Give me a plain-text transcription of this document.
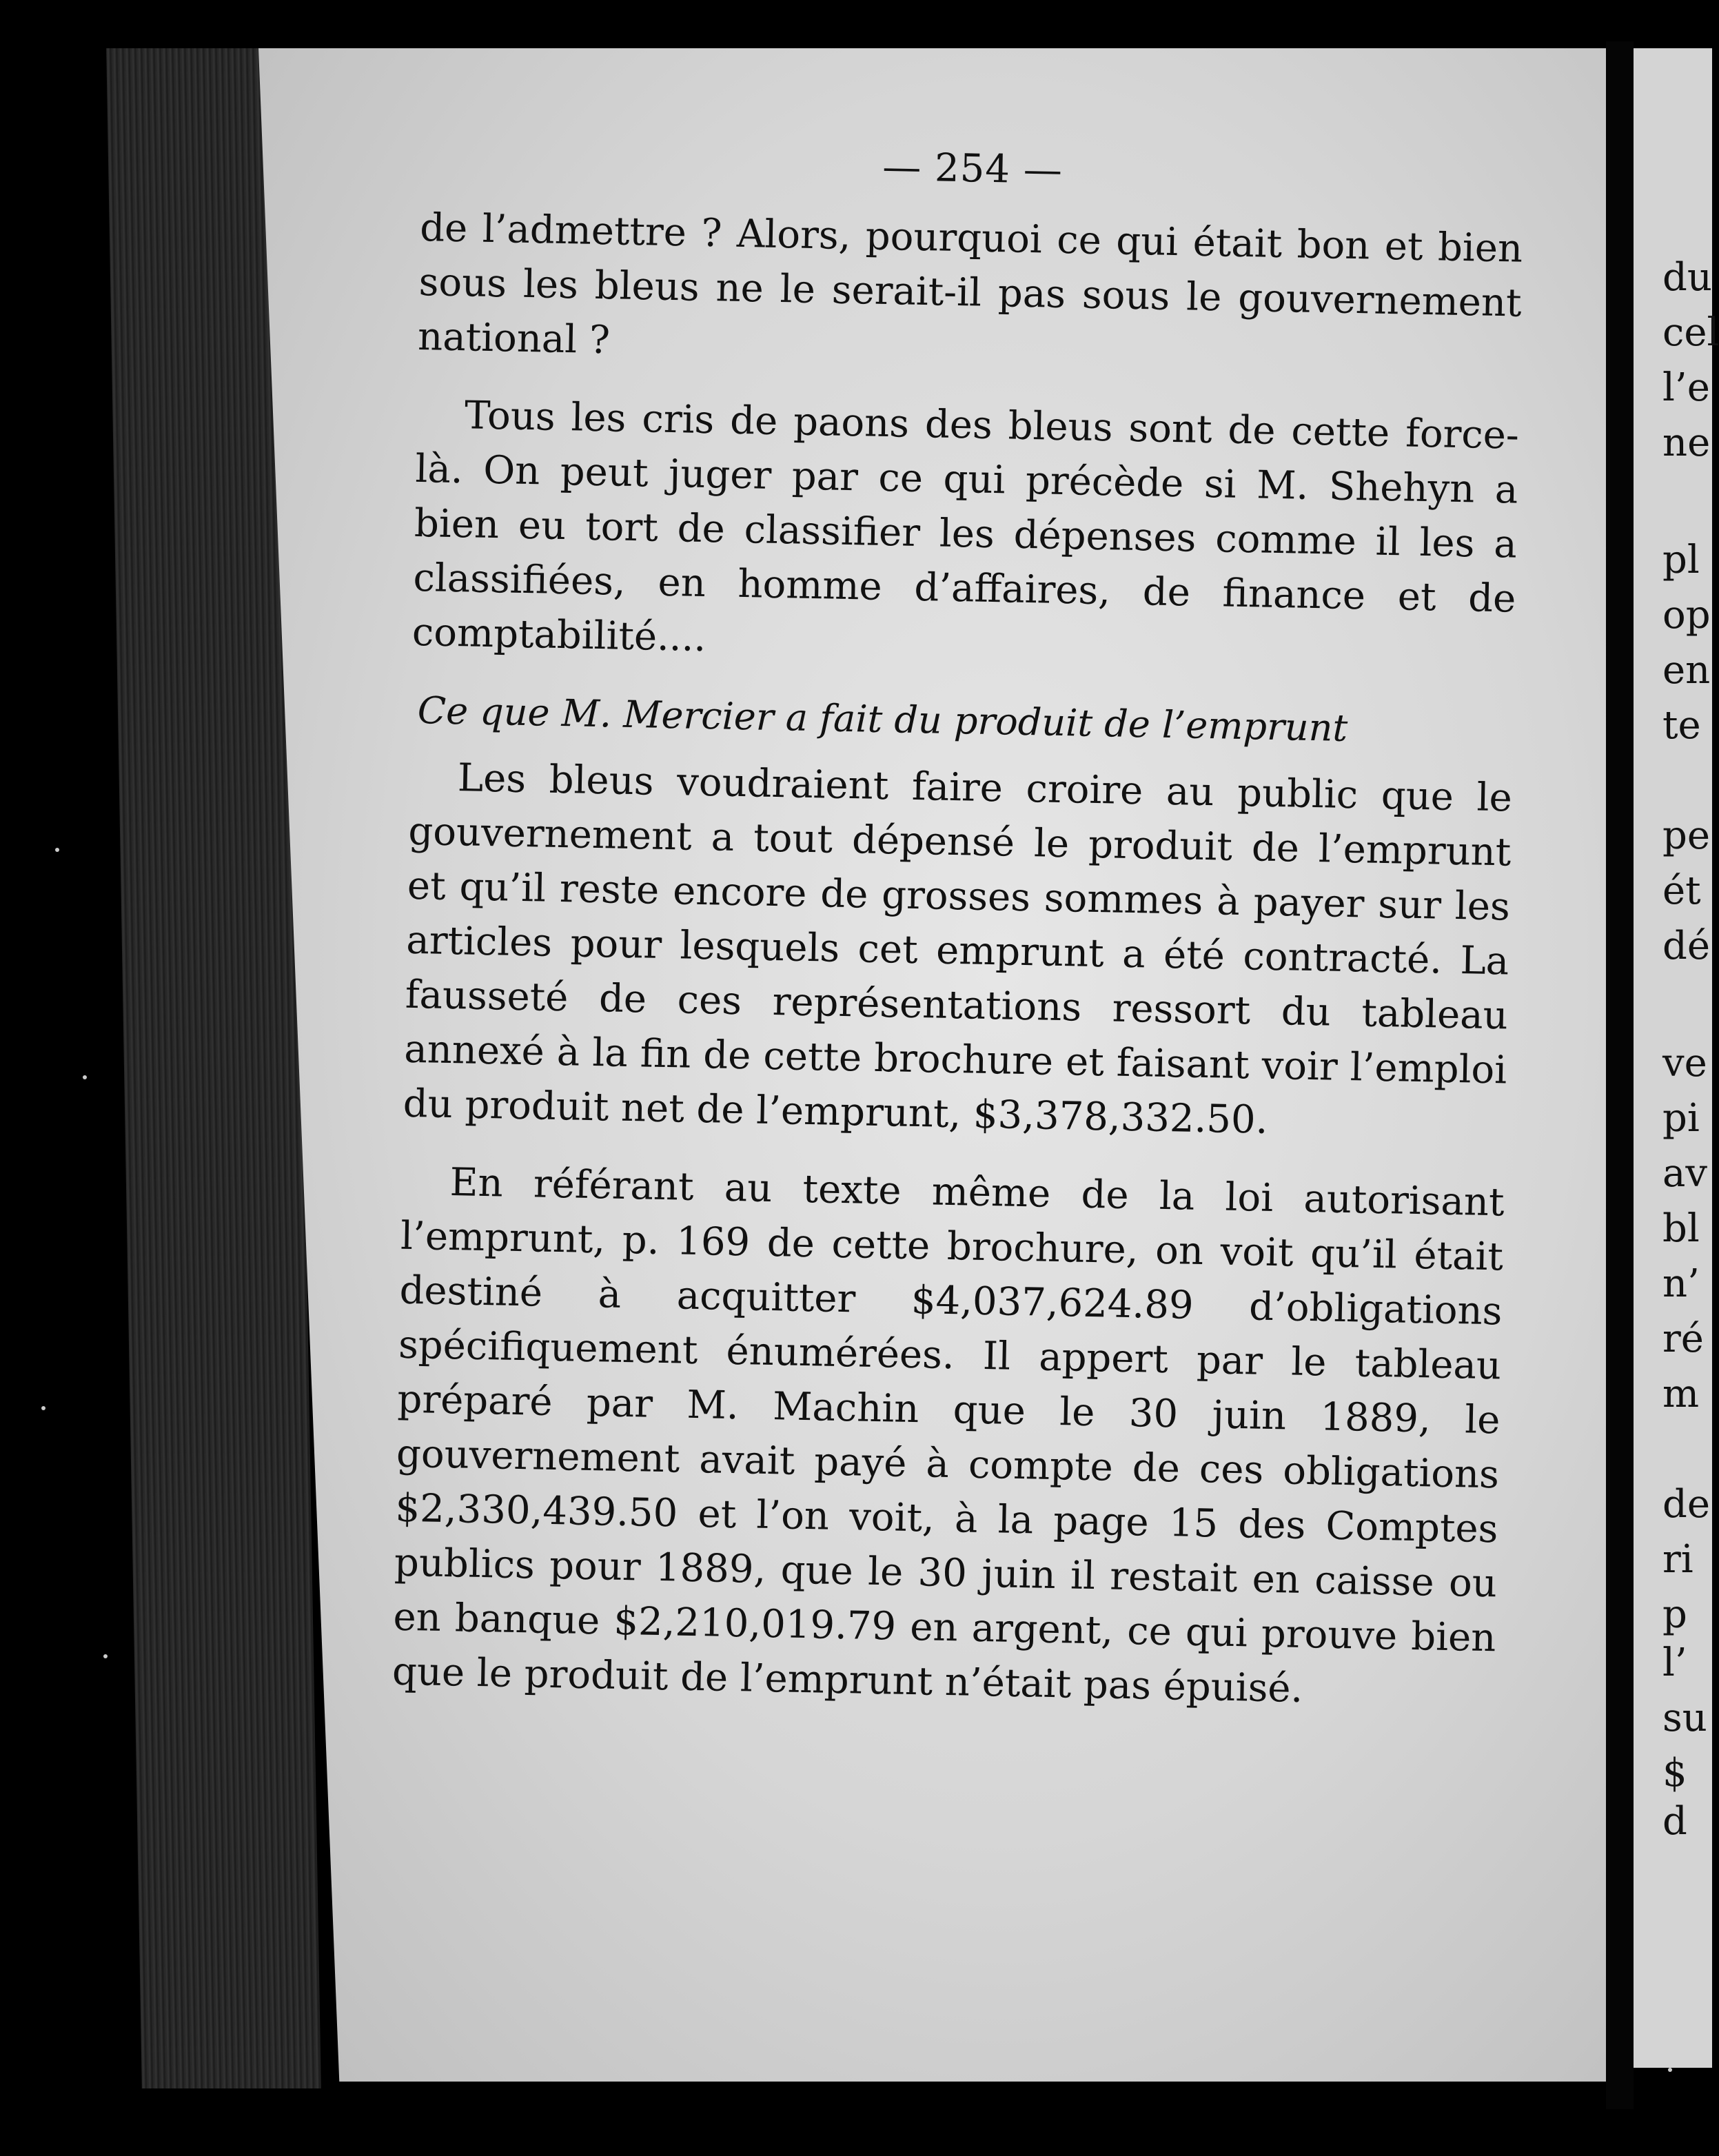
du
cel
l’e
ne
pl
op
en
te
pe
ét
dé
ve
pi
av
bl
n’
ré
m
de
ri
p
l’
su
$
d
— 254 —

de l’admettre ? Alors, pourquoi ce qui était bon et bien sous les bleus ne le serait-il pas sous le gouvernement national ?

Tous les cris de paons des bleus sont de cette force-là. On peut juger par ce qui précède si M. Shehyn a bien eu tort de classifier les dépenses comme il les a classifiées, en homme d’affaires, de finance et de comptabilité....

Ce que M. Mercier a fait du produit de l’emprunt

Les bleus voudraient faire croire au public que le gouvernement a tout dépensé le produit de l’emprunt et qu’il reste encore de grosses sommes à payer sur les articles pour lesquels cet emprunt a été contracté. La fausseté de ces représentations ressort du tableau annexé à la fin de cette brochure et faisant voir l’emploi du produit net de l’emprunt, $3,378,332.50.

En référant au texte même de la loi autorisant l’emprunt, p. 169 de cette brochure, on voit qu’il était destiné à acquitter $4,037,624.89 d’obligations spécifiquement énumérées. Il appert par le tableau préparé par M. Machin que le 30 juin 1889, le gouvernement avait payé à compte de ces obligations $2,330,439.50 et l’on voit, à la page 15 des Comptes publics pour 1889, que le 30 juin il restait en caisse ou en banque $2,210,019.79 en argent, ce qui prouve bien que le produit de l’emprunt n’était pas épuisé.
